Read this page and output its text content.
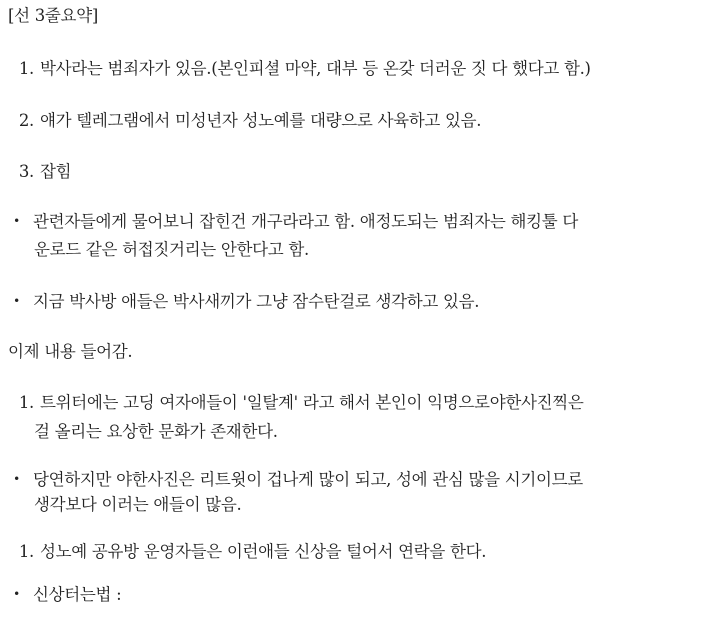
[선 3줄요약]
1. 박사라는 범죄자가 있음.(본인피셜 마약, 대부 등 온갖 더러운 짓 다 했다고 함.)
2. 얘가 텔레그램에서 미성년자 성노예를 대량으로 사육하고 있음.
3. 잡힘
• 관련자들에게 물어보니 잡힌건 개구라라고 함. 애정도되는 범죄자는 해킹툴 다
운로드 같은 허접짓거리는 안한다고 함.
• 지금 박사방 애들은 박사새끼가 그냥 잠수탄걸로 생각하고 있음.
이제 내용 들어감.
1. 트위터에는 고딩 여자애들이 '일탈계' 라고 해서 본인이 익명으로야한사진찍은
걸 올리는 요상한 문화가 존재한다.
• 당연하지만 야한사진은 리트윗이 겁나게 많이 되고, 성에 관심 많을 시기이므로
생각보다 이러는 애들이 많음.
1. 성노예 공유방 운영자들은 이런애들 신상을 털어서 연락을 한다.
• 신상터는법 :
